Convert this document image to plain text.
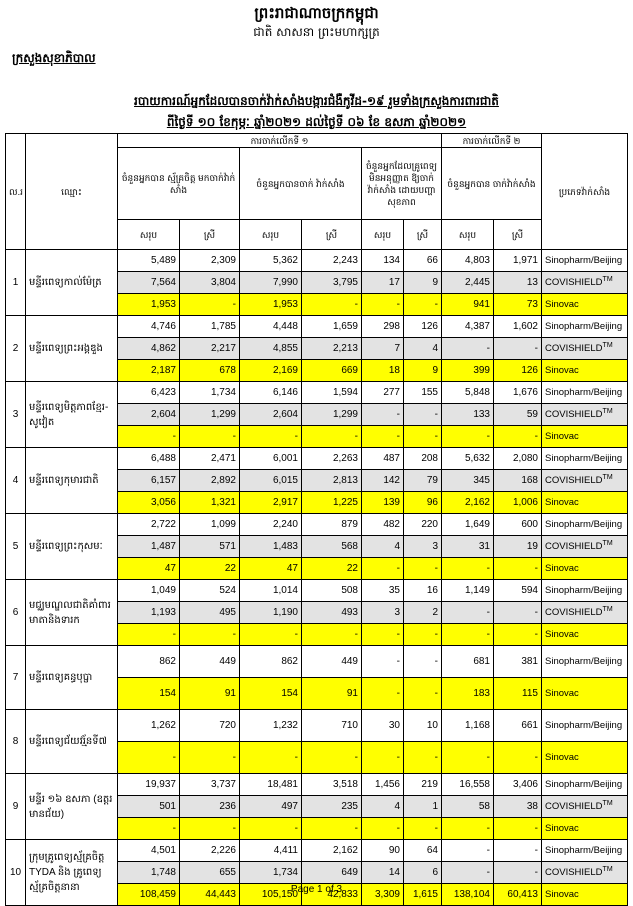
ព្រះរាជាណាចក្រកម្ពុជា
ជាតិ សាសនា ព្រះមហាក្សត្រ
ក្រសួងសុខាភិបាល
របាយការណ៍អ្នកដែលបានចាក់វ៉ាក់សាំងបង្ការជំងឺកូវីដ-១៩ រួមទាំងក្រសួងការពារជាតិ
ពីថ្ងៃទី ១០ ខែកុម្ភៈ ឆ្នាំ២០២១ ដល់ថ្ងៃទី ០៦ ខែ ឧសភា ឆ្នាំ២០២១
ល.រ	ឈ្មោះ	ការចាក់លើកទី ១						ការចាក់លើកទី ២		ប្រភេទវ៉ាក់សាំង
		ចំនួនអ្នកបាន ស្ម័គ្រចិត្ត មកចាក់វ៉ាក់សាំង		ចំនួនអ្នកបានចាក់ វ៉ាក់សាំង		ចំនួនអ្នកដែលគ្រូពេទ្យ មិនអនុញ្ញាត ឱ្យចាក់វ៉ាក់សាំង ដោយបញ្ហា សុខភាព		ចំនួនអ្នកបាន ចាក់វ៉ាក់សាំង		
		សរុប	ស្រី	សរុប	ស្រី	សរុប	ស្រី	សរុប	ស្រី	
1	មន្ទីរពេទ្យកាល់ម៉ែត្រ	5,489	2,309	5,362	2,243	134	66	4,803	1,971	Sinopharm/Beijing
		7,564	3,804	7,990	3,795	17	9	2,445	13	COVISHIELD™
		1,953	-	1,953	-	-	-	941	73	Sinovac
2	មន្ទីរពេទ្យព្រះអង្គឌួង	4,746	1,785	4,448	1,659	298	126	4,387	1,602	Sinopharm/Beijing
		4,862	2,217	4,855	2,213	7	4	-	-	COVISHIELD™
		2,187	678	2,169	669	18	9	399	126	Sinovac
3	មន្ទីរពេទ្យមិត្តភាពខ្មែរ-សូវៀត	6,423	1,734	6,146	1,594	277	155	5,848	1,676	Sinopharm/Beijing
		2,604	1,299	2,604	1,299	-	-	133	59	COVISHIELD™
		-	-	-	-	-	-	-	-	Sinovac
4	មន្ទីរពេទ្យកុមារជាតិ	6,488	2,471	6,001	2,263	487	208	5,632	2,080	Sinopharm/Beijing
		6,157	2,892	6,015	2,813	142	79	345	168	COVISHIELD™
		3,056	1,321	2,917	1,225	139	96	2,162	1,006	Sinovac
5	មន្ទីរពេទ្យព្រះកុសមៈ	2,722	1,099	2,240	879	482	220	1,649	600	Sinopharm/Beijing
		1,487	571	1,483	568	4	3	31	19	COVISHIELD™
		47	22	47	22	-	-	-	-	Sinovac
6	មជ្ឈមណ្ឌលជាតិគាំពារមាតានិងទារក	1,049	524	1,014	508	35	16	1,149	594	Sinopharm/Beijing
		1,193	495	1,190	493	3	2	-	-	COVISHIELD™
		-	-	-	-	-	-	-	-	Sinovac
7	មន្ទីរពេទ្យគន្ធបុប្ផា	862	449	862	449	-	-	681	381	Sinopharm/Beijing
		154	91	154	91	-	-	183	115	Sinovac
8	មន្ទីរពេទ្យជ័យវរ្ម័នទី៧	1,262	720	1,232	710	30	10	1,168	661	Sinopharm/Beijing
		-	-	-	-	-	-	-	-	Sinovac
9	មន្ទីរ ១៦ ឧសភា (ឧត្តរមានជ័យ)	19,937	3,737	18,481	3,518	1,456	219	16,558	3,406	Sinopharm/Beijing
		501	236	497	235	4	1	58	38	COVISHIELD™
		-	-	-	-	-	-	-	-	Sinovac
10	ក្រុមគ្រូពេទ្យស្ម័គ្រចិត្ត TYDA និង គ្រូពេទ្យស្ម័គ្រចិត្តនានា	4,501	2,226	4,411	2,162	90	64	-	-	Sinopharm/Beijing
		1,748	655	1,734	649	14	6	-	-	COVISHIELD™
		108,459	44,443	105,150	42,833	3,309	1,615	138,104	60,413	Sinovac
Page 1 of 3
